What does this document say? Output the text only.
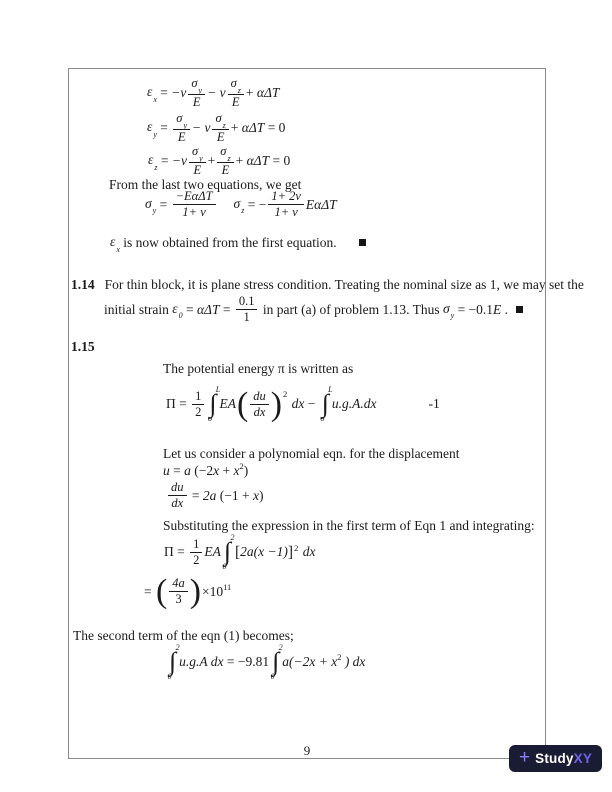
$\varepsilon_x = -v \frac{\sigma_y}{E} - v \frac{\sigma_z}{E} + \alpha\Delta T$
$\varepsilon_y = \frac{\sigma_y}{E} - v \frac{\sigma_z}{E} + \alpha\Delta T = 0$
$\varepsilon_z = -v \frac{\sigma_y}{E} + \frac{\sigma_z}{E} + \alpha\Delta T = 0$
From the last two equations, we get
$\sigma_y = \frac{\text{−EαΔT}}{1+ v} \sigma_z$ = − $\frac{1+ 2v}{1+ v}$ EαΔT
$\varepsilon_x$ is now obtained from the first equation.
1.14 For thin block, it is plane stress condition. Treating the nominal size as 1, we may set the
initial strain $\varepsilon_0 = \alpha\Delta T = \frac{0.1}{1}$ in part (a) of problem 1.13. Thus $\sigma_y = -0.1$ E .
1.15
The potential energy π is written as
$\Pi = \frac{1}{2}$
L
∫
o
EA ( $\frac{du}{dx}$ ) 2
dx −
L
∫
o
u.g.A.dx	-1
Let us consider a polynomial eqn. for the displacement
u = a (−2 x + x 2 )
$\frac{du}{dx} = 2a$ (−1 + x )
Substituting the expression in the first term of Eqn 1 and integrating:
$\Pi = \frac{1}{2}$ EA
2
∫
0
[ 2a(x −1) ] 2 dx
= ( $\frac{4a}{3}$ ) ×10 11
The second term of the eqn (1) becomes;
2
∫
0
u.g.A dx = −9.81
2
∫
0
a(−2x + x 2 ) dx
9	+ Study XY
